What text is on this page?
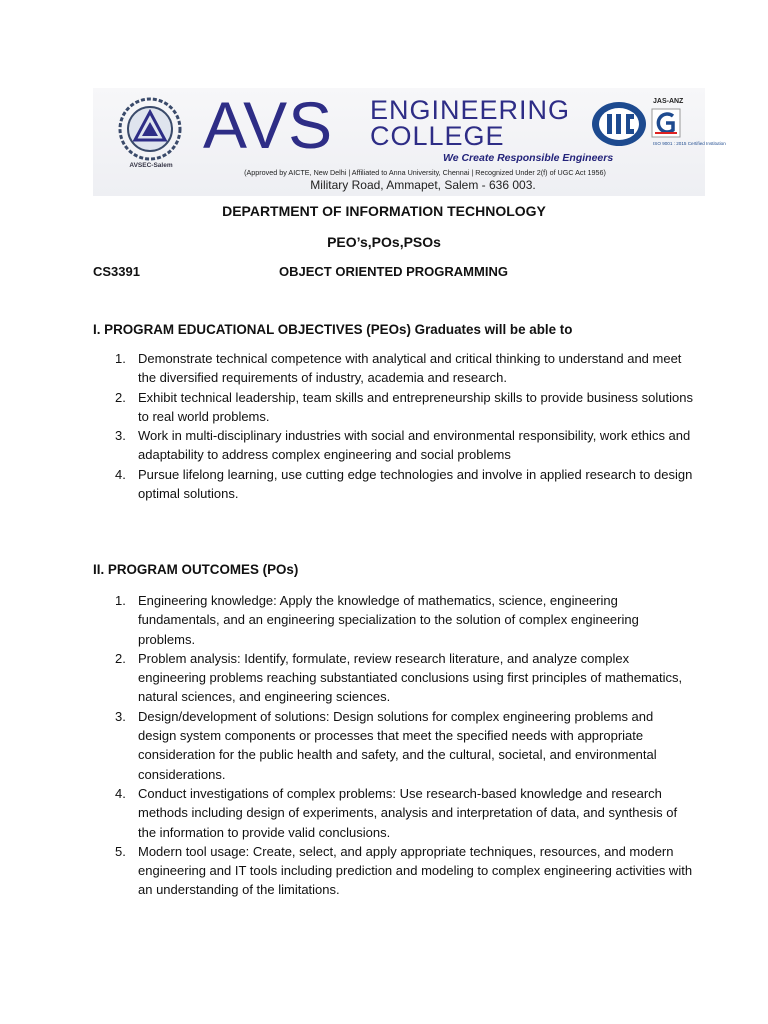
AVSEC-Salem
AVS ENGINEERING
COLLEGE
We Create Responsible Engineers
(Approved by AICTE, New Delhi | Affiliated to Anna University, Chennai | Recognized Under 2(f) of UGC Act 1956)
Military Road, Ammapet, Salem - 636 003.
JAS-ANZ
ISO 9001 : 2015 Certified Institution
DEPARTMENT OF INFORMATION TECHNOLOGY
PEO’s,POs,PSOs
CS3391	OBJECT ORIENTED PROGRAMMING
I. PROGRAM EDUCATIONAL OBJECTIVES (PEOs) Graduates will be able to
1. Demonstrate technical competence with analytical and critical thinking to understand and meet the diversified requirements of industry, academia and research.
2. Exhibit technical leadership, team skills and entrepreneurship skills to provide business solutions to real world problems.
3. Work in multi-disciplinary industries with social and environmental responsibility, work ethics and adaptability to address complex engineering and social problems
4. Pursue lifelong learning, use cutting edge technologies and involve in applied research to design optimal solutions.
II. PROGRAM OUTCOMES (POs)
1. Engineering knowledge: Apply the knowledge of mathematics, science, engineering fundamentals, and an engineering specialization to the solution of complex engineering problems.
2. Problem analysis: Identify, formulate, review research literature, and analyze complex engineering problems reaching substantiated conclusions using first principles of mathematics, natural sciences, and engineering sciences.
3. Design/development of solutions: Design solutions for complex engineering problems and design system components or processes that meet the specified needs with appropriate consideration for the public health and safety, and the cultural, societal, and environmental considerations.
4. Conduct investigations of complex problems: Use research-based knowledge and research methods including design of experiments, analysis and interpretation of data, and synthesis of the information to provide valid conclusions.
5. Modern tool usage: Create, select, and apply appropriate techniques, resources, and modern engineering and IT tools including prediction and modeling to complex engineering activities with an understanding of the limitations.
